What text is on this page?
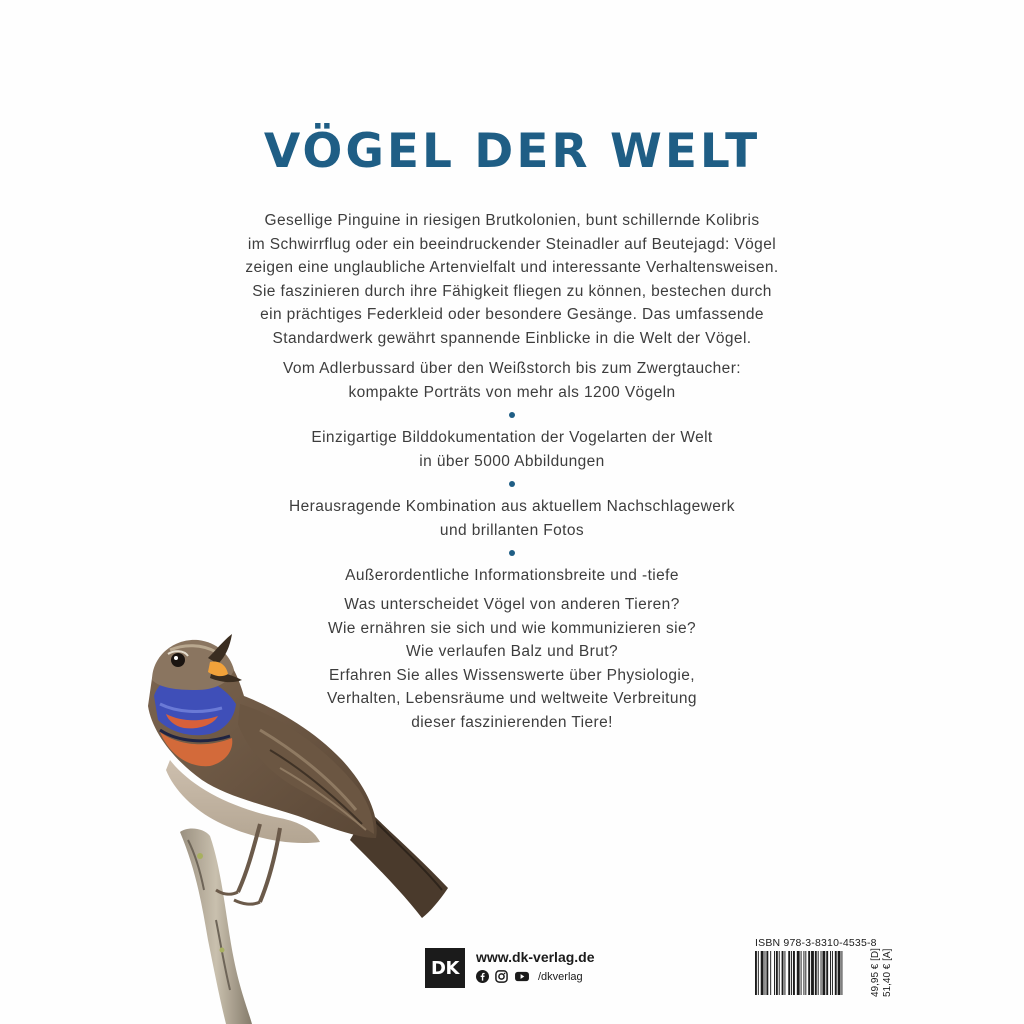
VÖGEL DER WELT
Gesellige Pinguine in riesigen Brutkolonien, bunt schillernde Kolibris
im Schwirrflug oder ein beeindruckender Steinadler auf Beutejagd: Vögel
zeigen eine unglaubliche Artenvielfalt und interessante Verhaltensweisen.
Sie faszinieren durch ihre Fähigkeit fliegen zu können, bestechen durch
ein prächtiges Federkleid oder besondere Gesänge. Das umfassende
Standardwerk gewährt spannende Einblicke in die Welt der Vögel.
Vom Adlerbussard über den Weißstorch bis zum Zwergtaucher:
kompakte Porträts von mehr als 1200 Vögeln
Einzigartige Bilddokumentation der Vogelarten der Welt
in über 5000 Abbildungen
Herausragende Kombination aus aktuellem Nachschlagewerk
und brillanten Fotos
Außerordentliche Informationsbreite und -tiefe
Was unterscheidet Vögel von anderen Tieren?
Wie ernähren sie sich und wie kommunizieren sie?
Wie verlaufen Balz und Brut?
Erfahren Sie alles Wissenswerte über Physiologie,
Verhalten, Lebensräume und weltweite Verbreitung
dieser faszinierenden Tiere!
DK
www.dk-verlag.de
/dkverlag
ISBN 978-3-8310-4535-8
49,95 € [D] 51,40 € [A]
